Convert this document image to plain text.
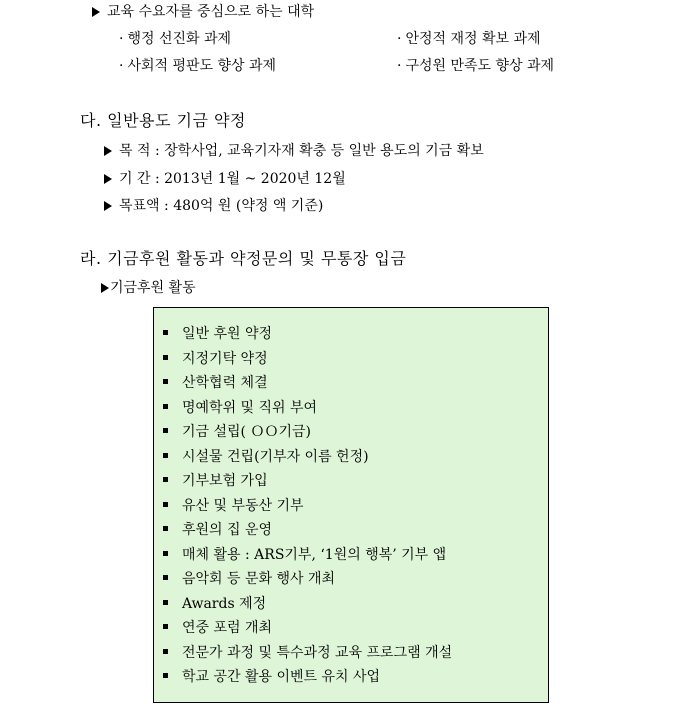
교육 수요자를 중심으로 하는 대학
· 행정 선진화 과제	· 안정적 재정 확보 과제
· 사회적 평판도 향상 과제	· 구성원 만족도 향상 과제
다. 일반용도 기금 약정
목 적 : 장학사업, 교육기자재 확충 등 일반 용도의 기금 확보
기 간 : 2013년 1월 ~ 2020년 12월
목표액 : 480억 원 (약정 액 기준)
라. 기금후원 활동과 약정문의 및 무통장 입금
기금후원 활동
일반 후원 약정
지정기탁 약정
산학협력 체결
명예학위 및 직위 부여
기금 설립( ＯＯ기금)
시설물 건립(기부자 이름 헌정)
기부보험 가입
유산 및 부동산 기부
후원의 집 운영
매체 활용 : ARS기부, ‘1원의 행복’ 기부 앱
음악회 등 문화 행사 개최
Awards 제정
연중 포럼 개최
전문가 과정 및 특수과정 교육 프로그램 개설
학교 공간 활용 이벤트 유치 사업
